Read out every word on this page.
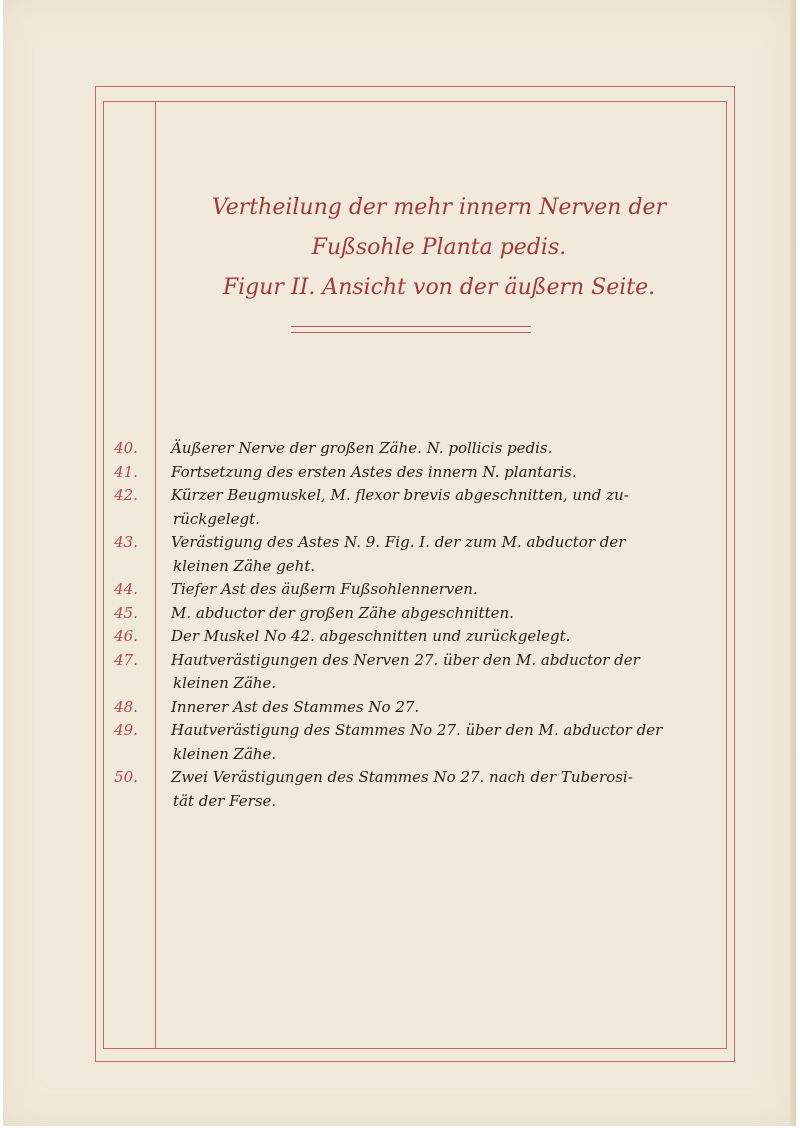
Vertheilung der mehr innern Nerven der
Fußsohle Planta pedis.
Figur II. Ansicht von der äußern Seite.
40.	Äußerer Nerve der großen Zähe. N. pollicis pedis.
41.	Fortsetzung des ersten Astes des innern N. plantaris.
42.	Kürzer Beugmuskel, M. flexor brevis abgeschnitten, und zu-
rückgelegt.
43.	Verästigung des Astes N. 9. Fig. I. der zum M. abductor der
kleinen Zähe geht.
44.	Tiefer Ast des äußern Fußsohlennerven.
45.	M. abductor der großen Zähe abgeschnitten.
46.	Der Muskel No 42. abgeschnitten und zurückgelegt.
47.	Hautverästigungen des Nerven 27. über den M. abductor der
kleinen Zähe.
48.	Innerer Ast des Stammes No 27.
49.	Hautverästigung des Stammes No 27. über den M. abductor der
kleinen Zähe.
50.	Zwei Verästigungen des Stammes No 27. nach der Tuberosi-
tät der Ferse.
